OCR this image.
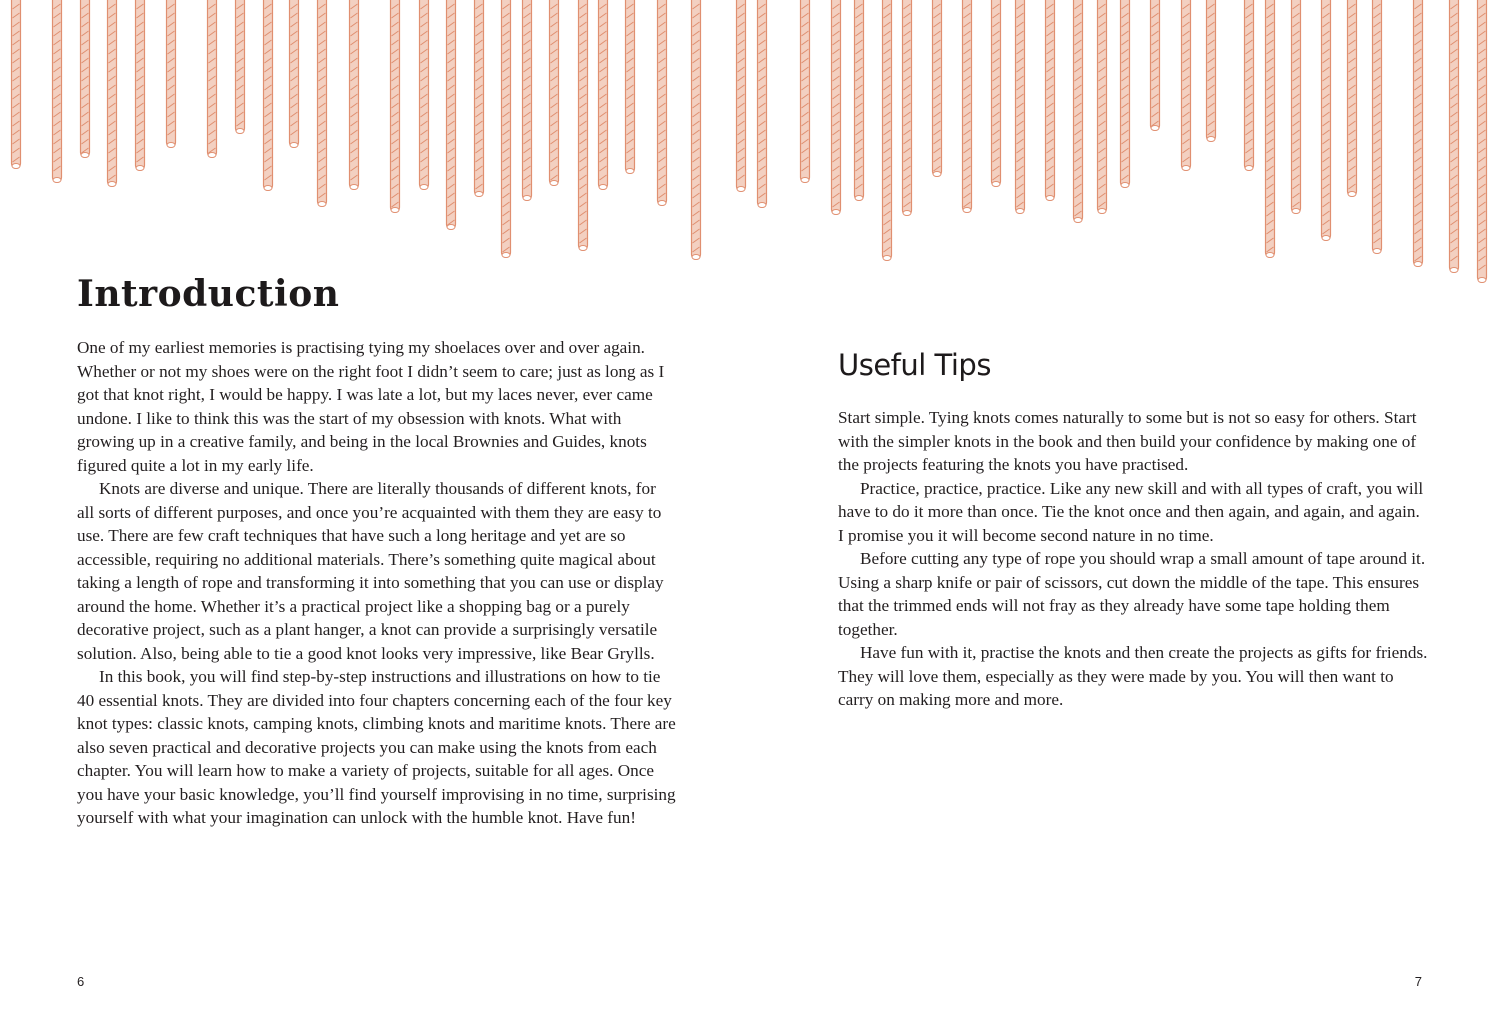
Introduction

One of my earliest memories is practising tying my shoelaces over and over again. Whether or not my shoes were on the right foot I didn’t seem to care; just as long as I got that knot right, I would be happy. I was late a lot, but my laces never, ever came undone. I like to think this was the start of my obsession with knots. What with growing up in a creative family, and being in the local Brownies and Guides, knots figured quite a lot in my early life.

Knots are diverse and unique. There are literally thousands of different knots, for all sorts of different purposes, and once you’re acquainted with them they are easy to use. There are few craft techniques that have such a long heritage and yet are so accessible, requiring no additional materials. There’s something quite magical about taking a length of rope and transforming it into something that you can use or display around the home. Whether it’s a practical project like a shopping bag or a purely decorative project, such as a plant hanger, a knot can provide a surprisingly versatile solution. Also, being able to tie a good knot looks very impressive, like Bear Grylls.

In this book, you will find step-by-step instructions and illustrations on how to tie 40 essential knots. They are divided into four chapters concerning each of the four key knot types: classic knots, camping knots, climbing knots and maritime knots. There are also seven practical and decorative projects you can make using the knots from each chapter. You will learn how to make a variety of projects, suitable for all ages. Once you have your basic knowledge, you’ll find yourself improvising in no time, surprising yourself with what your imagination can unlock with the humble knot. Have fun!

Useful Tips

Start simple. Tying knots comes naturally to some but is not so easy for others. Start with the simpler knots in the book and then build your confidence by making one of the projects featuring the knots you have practised.

Practice, practice, practice. Like any new skill and with all types of craft, you will have to do it more than once. Tie the knot once and then again, and again, and again. I promise you it will become second nature in no time.

Before cutting any type of rope you should wrap a small amount of tape around it. Using a sharp knife or pair of scissors, cut down the middle of the tape. This ensures that the trimmed ends will not fray as they already have some tape holding them together.

Have fun with it, practise the knots and then create the projects as gifts for friends. They will love them, especially as they were made by you. You will then want to carry on making more and more.

6	7
